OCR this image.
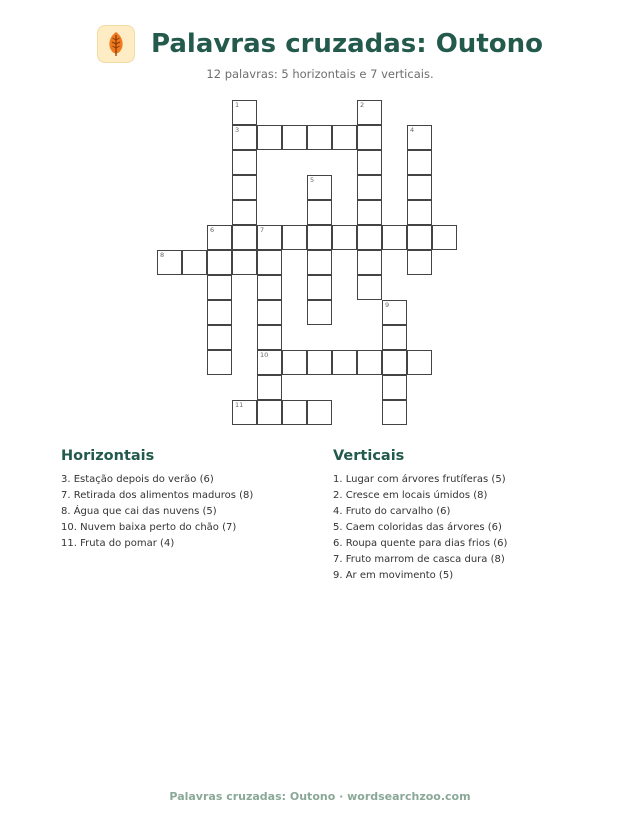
Palavras cruzadas: Outono
12 palavras: 5 horizontais e 7 verticais.
1
3
2
4
5
6	7
10
8
9
11
Horizontais
3. Estação depois do verão (6)
7. Retirada dos alimentos maduros (8)
8. Água que cai das nuvens (5)
10. Nuvem baixa perto do chão (7)
11. Fruta do pomar (4)
Verticais
1. Lugar com árvores frutíferas (5)
2. Cresce em locais úmidos (8)
4. Fruto do carvalho (6)
5. Caem coloridas das árvores (6)
6. Roupa quente para dias frios (6)
7. Fruto marrom de casca dura (8)
9. Ar em movimento (5)
Palavras cruzadas: Outono · wordsearchzoo.com
